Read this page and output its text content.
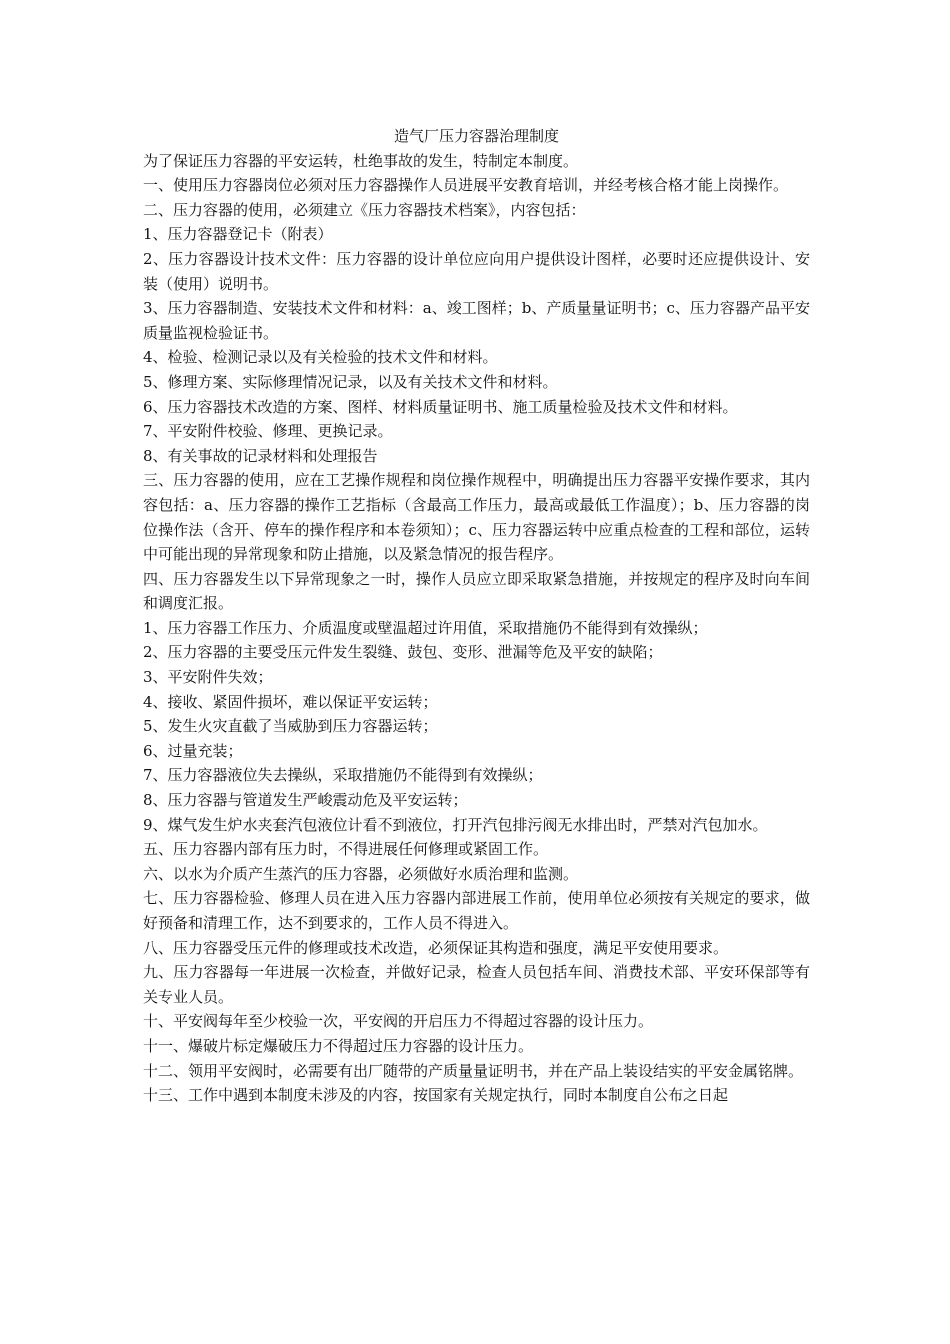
造气厂压力容器治理制度

为了保证压力容器的平安运转，杜绝事故的发生，特制定本制度。

一、使用压力容器岗位必须对压力容器操作人员进展平安教育培训，并经考核合格才能上岗操作。

二、压力容器的使用，必须建立《压力容器技术档案》，内容包括：

1、压力容器登记卡（附表）

2、压力容器设计技术文件：压力容器的设计单位应向用户提供设计图样，必要时还应提供设计、安装（使用）说明书。

3、压力容器制造、安装技术文件和材料：a、竣工图样；b、产质量量证明书；c、压力容器产品平安质量监视检验证书。

4、检验、检测记录以及有关检验的技术文件和材料。

5、修理方案、实际修理情况记录，以及有关技术文件和材料。

6、压力容器技术改造的方案、图样、材料质量证明书、施工质量检验及技术文件和材料。

7、平安附件校验、修理、更换记录。

8、有关事故的记录材料和处理报告

三、压力容器的使用，应在工艺操作规程和岗位操作规程中，明确提出压力容器平安操作要求，其内容包括：a、压力容器的操作工艺指标（含最高工作压力，最高或最低工作温度）；b、压力容器的岗位操作法（含开、停车的操作程序和本卷须知）；c、压力容器运转中应重点检查的工程和部位，运转中可能出现的异常现象和防止措施，以及紧急情况的报告程序。

四、压力容器发生以下异常现象之一时，操作人员应立即采取紧急措施，并按规定的程序及时向车间和调度汇报。

1、压力容器工作压力、介质温度或壁温超过许用值，采取措施仍不能得到有效操纵；

2、压力容器的主要受压元件发生裂缝、鼓包、变形、泄漏等危及平安的缺陷；

3、平安附件失效；

4、接收、紧固件损坏，难以保证平安运转；

5、发生火灾直截了当威胁到压力容器运转；

6、过量充装；

7、压力容器液位失去操纵，采取措施仍不能得到有效操纵；

8、压力容器与管道发生严峻震动危及平安运转；

9、煤气发生炉水夹套汽包液位计看不到液位，打开汽包排污阀无水排出时，严禁对汽包加水。

五、压力容器内部有压力时，不得进展任何修理或紧固工作。

六、以水为介质产生蒸汽的压力容器，必须做好水质治理和监测。

七、压力容器检验、修理人员在进入压力容器内部进展工作前，使用单位必须按有关规定的要求，做好预备和清理工作，达不到要求的，工作人员不得进入。

八、压力容器受压元件的修理或技术改造，必须保证其构造和强度，满足平安使用要求。

九、压力容器每一年进展一次检查，并做好记录，检查人员包括车间、消费技术部、平安环保部等有关专业人员。

十、平安阀每年至少校验一次，平安阀的开启压力不得超过容器的设计压力。

十一、爆破片标定爆破压力不得超过压力容器的设计压力。

十二、领用平安阀时，必需要有出厂随带的产质量量证明书，并在产品上装设结实的平安金属铭牌。

十三、工作中遇到本制度未涉及的内容，按国家有关规定执行，同时本制度自公布之日起
